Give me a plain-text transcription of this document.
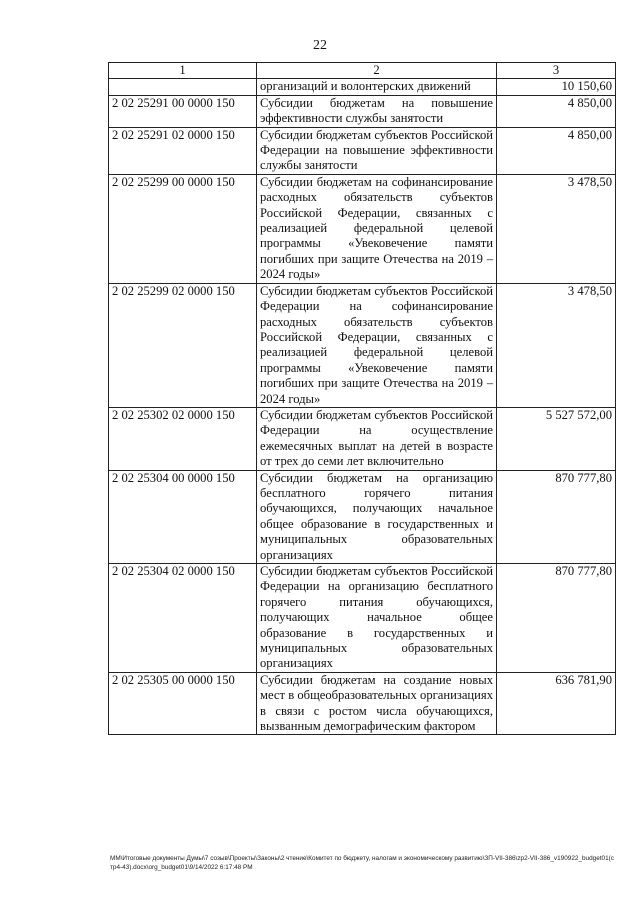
22
1	2	3
	организаций и волонтерских движений	10 150,60
2 02 25291 00 0000 150	Субсидии бюджетам на повышение эффективности службы занятости	4 850,00
2 02 25291 02 0000 150	Субсидии бюджетам субъектов Российской Федерации на повышение эффективности службы занятости	4 850,00
2 02 25299 00 0000 150	Субсидии бюджетам на софинансирование расходных обязательств субъектов Российской Федерации, связанных с реализацией федеральной целевой программы «Увековечение памяти погибших при защите Отечества на 2019 – 2024 годы»	3 478,50
2 02 25299 02 0000 150	Субсидии бюджетам субъектов Российской Федерации на софинансирование расходных обязательств субъектов Российской Федерации, связанных с реализацией федеральной целевой программы «Увековечение памяти погибших при защите Отечества на 2019 – 2024 годы»	3 478,50
2 02 25302 02 0000 150	Субсидии бюджетам субъектов Российской Федерации на осуществление ежемесячных выплат на детей в возрасте от трех до семи лет включительно	5 527 572,00
2 02 25304 00 0000 150	Субсидии бюджетам на организацию бесплатного горячего питания обучающихся, получающих начальное общее образование в государственных и муниципальных образовательных организациях	870 777,80
2 02 25304 02 0000 150	Субсидии бюджетам субъектов Российской Федерации на организацию бесплатного горячего питания обучающихся, получающих начальное общее образование в государственных и муниципальных образовательных организациях	870 777,80
2 02 25305 00 0000 150	Субсидии бюджетам на создание новых мест в общеобразовательных организациях в связи с ростом числа обучающихся, вызванным демографическим фактором	636 781,90
ММ\Итоговые документы Думы\7 созыв\Проекты\Законы\2 чтение\Комитет по бюджету, налогам и экономическому развитию\ЗП-VII-386\zp2-VII-386_v190922_budget01(стр4-43).docx\org_budget01\9/14/2022 6:17:48 PM
